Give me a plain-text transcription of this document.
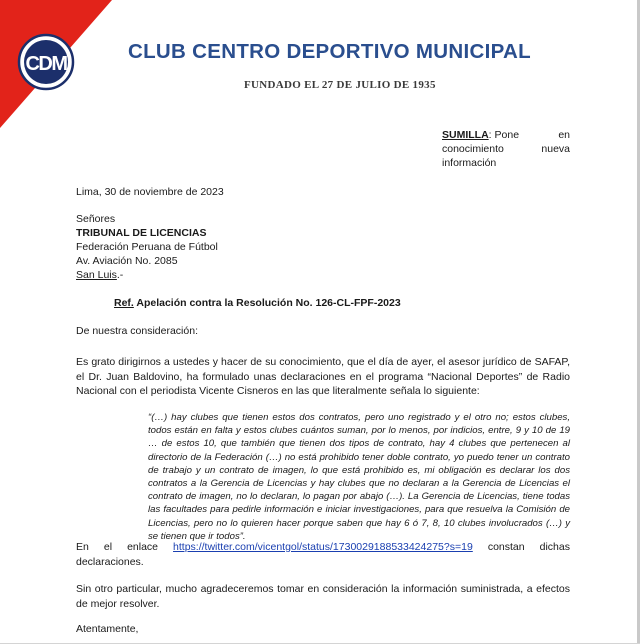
CDM
CLUB CENTRO DEPORTIVO MUNICIPAL
FUNDADO EL 27 DE JULIO DE 1935
SUMILLA: Pone	en
conocimiento	nueva
información
Lima, 30 de noviembre de 2023
Señores
TRIBUNAL DE LICENCIAS
Federación Peruana de Fútbol
Av. Aviación No. 2085
San Luis.-
Ref. Apelación contra la Resolución No. 126-CL-FPF-2023
De nuestra consideración:
Es grato dirigirnos a ustedes y hacer de su conocimiento, que el día de ayer, el asesor jurídico de SAFAP, el Dr. Juan Baldovino, ha formulado unas declaraciones en el programa “Nacional Deportes” de Radio Nacional con el periodista Vicente Cisneros en las que literalmente señala lo siguiente:
“(…) hay clubes que tienen estos dos contratos, pero uno registrado y el otro no; estos clubes, todos están en falta y estos clubes cuántos suman, por lo menos, por indicios, entre, 9 y 10 de 19 … de estos 10, que también que tienen dos tipos de contrato, hay 4 clubes que pertenecen al directorio de la Federación (…) no está prohibido tener doble contrato, yo puedo tener un contrato de trabajo y un contrato de imagen, lo que está prohibido es, mi obligación es declarar los dos contratos a la Gerencia de Licencias y hay clubes que no declaran a la Gerencia de Licencias el contrato de imagen, no lo declaran, lo pagan por abajo (…). La Gerencia de Licencias, tiene todas las facultades para pedirle información e iniciar investigaciones, para que resuelva la Comisión de Licencias, pero no lo quieren hacer porque saben que hay 6 ó 7, 8, 10 clubes involucrados (…) y se tienen que ir todos”.
En el enlace https://twitter.com/vicentgol/status/1730029188533424275?s=19 constan dichas
declaraciones.
Sin otro particular, mucho agradeceremos tomar en consideración la información suministrada, a efectos de mejor resolver.
Atentamente,
